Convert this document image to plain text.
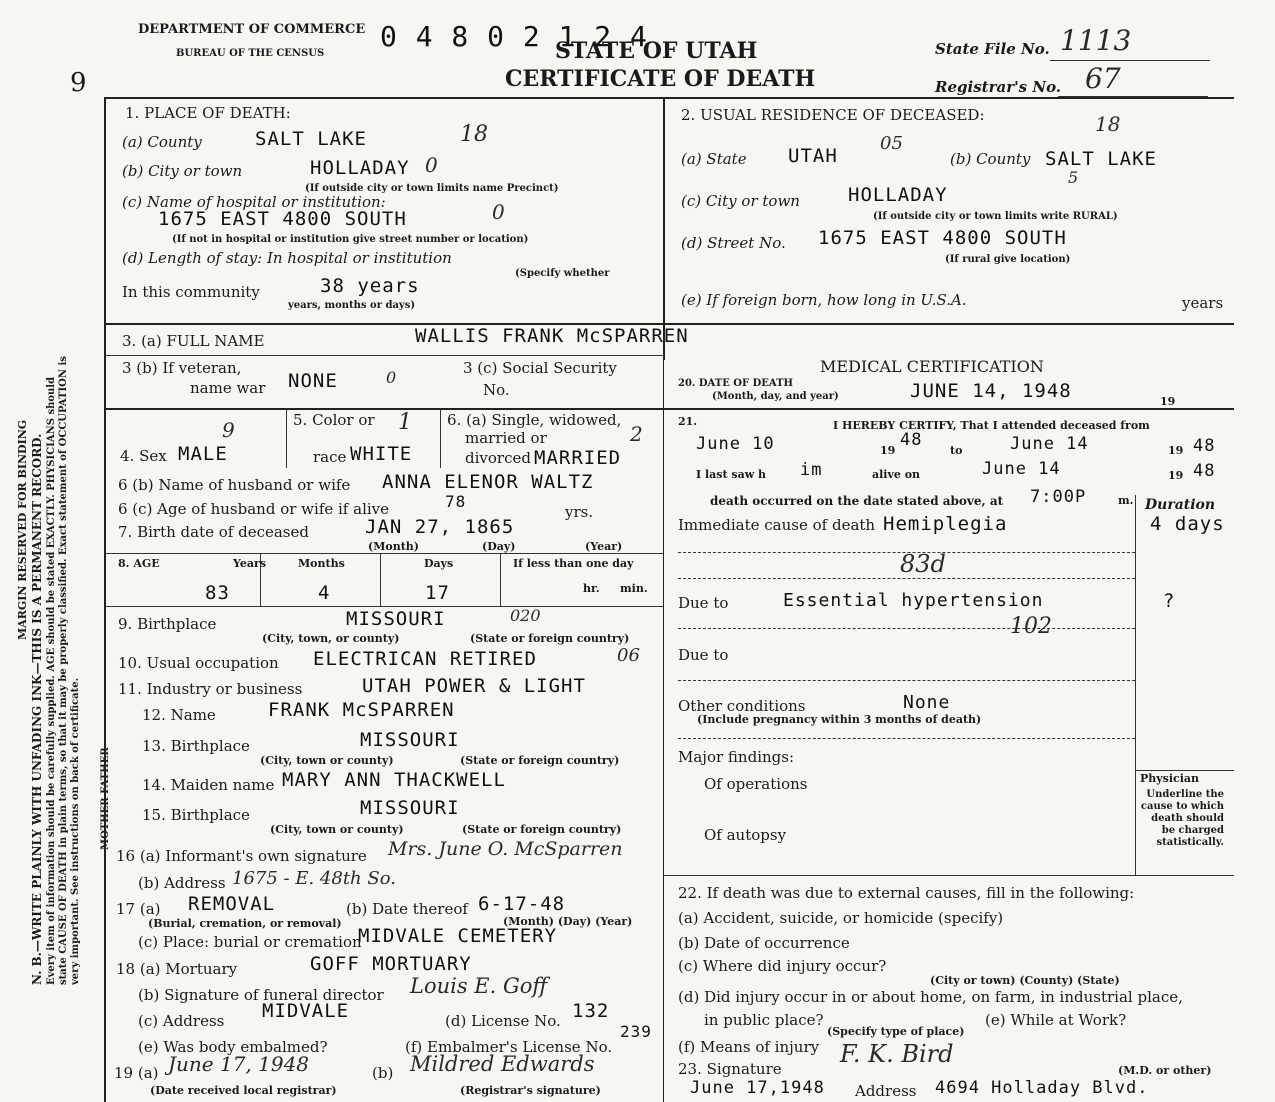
9
DEPARTMENT OF COMMERCE
BUREAU OF THE CENSUS
0 4 8 0 2 1 2 4
STATE OF UTAH
CERTIFICATE OF DEATH
State File No. 1113
Registrar's No. 67
MARGIN RESERVED FOR BINDING N. B.—WRITE PLAINLY WITH UNFADING INK—THIS IS A PERMANENT RECORD. Every item of information should be carefully supplied. AGE should be stated EXACTLY. PHYSICIANS should state CAUSE OF DEATH in plain terms, so that it may be properly classified. Exact statement of OCCUPATION is very important. See instructions on back of certificate. MOTHER FATHER
1. PLACE OF DEATH:
(a) County	SALT LAKE	18
(b) City or town	HOLLADAY 0
(If outside city or town limits name Precinct)
(c) Name of hospital or institution:
1675 EAST 4800 SOUTH	0
(If not in hospital or institution give street number or location)
(d) Length of stay: In hospital or institution
(Specify whether
In this community	38 years
years, months or days)
2. USUAL RESIDENCE OF DECEASED:
(a) State UTAH
05
(b) County SALT LAKE
18
5
(c) City or town	HOLLADAY
(If outside city or town limits write RURAL)
(d) Street No. 1675 EAST 4800 SOUTH
(If rural give location)
(e) If foreign born, how long in U.S.A.	years
3. (a) FULL NAME	WALLIS FRANK McSPARREN
3 (b) If veteran,
name war NONE	0	3 (c) Social Security
No.
4. Sex MALE
9	5. Color or 1
race WHITE
6. (a) Single, widowed,
married or	2
divorced MARRIED
6 (b) Name of husband or wife ANNA ELENOR WALTZ
6 (c) Age of husband or wife if alive	78
yrs.
7. Birth date of deceased	JAN 27, 1865
(Month)	(Day)	(Year)
8. AGE	Years	Months	Days	If less than one day
hr. min.
83	4	17
9. Birthplace	MISSOURI	020
(City, town, or county)	(State or foreign country)
10. Usual occupation ELECTRICAN RETIRED	06
11. Industry or business	UTAH POWER & LIGHT
12. Name	FRANK McSPARREN
13. Birthplace	MISSOURI
(City, town or county)	(State or foreign country)
14. Maiden name MARY ANN THACKWELL
15. Birthplace	MISSOURI
(City, town or county)	(State or foreign country)
16 (a) Informant's own signature Mrs. June O. McSparren
(b) Address 1675 - E. 48th So.
17 (a) REMOVAL
(Burial, cremation, or removal)
(b) Date thereof 6-17-48
(Month) (Day) (Year)
(c) Place: burial or cremation
MIDVALE CEMETERY
18 (a) Mortuary	GOFF MORTUARY
(b) Signature of funeral director Louis E. Goff
(c) Address MIDVALE	(d) License No. 132
(e) Was body embalmed?	(f) Embalmer's License No.
239
19 (a) June 17, 1948
(Date received local registrar)
(b) Mildred Edwards
(Registrar's signature)
MEDICAL CERTIFICATION
20. DATE OF DEATH
(Month, day, and year)	JUNE 14, 1948	19
21.	I HEREBY CERTIFY, That I attended deceased from
June 10	19
48
to	June 14	19 48
I last saw h im	alive on	June 14	19 48
death occurred on the date stated above, at 7:00P	m. Duration
Immediate cause of death Hemiplegia	4 days
83d
Due to	Essential hypertension	?
102
Due to
Other conditions	None
(Include pregnancy within 3 months of death)
Major findings:
Of operations
Of autopsy
Physician
Underline the cause to which death should be charged statistically.
22. If death was due to external causes, fill in the following:
(a) Accident, suicide, or homicide (specify)
(b) Date of occurrence
(c) Where did injury occur?
(City or town) (County) (State)
(d) Did injury occur in or about home, on farm, in industrial place,
in public place?
(Specify type of place)
(e) While at Work?
(f) Means of injury
23. Signature
F. K. Bird
(M.D. or other)
June 17,1948 Address 4694 Holladay Blvd.
